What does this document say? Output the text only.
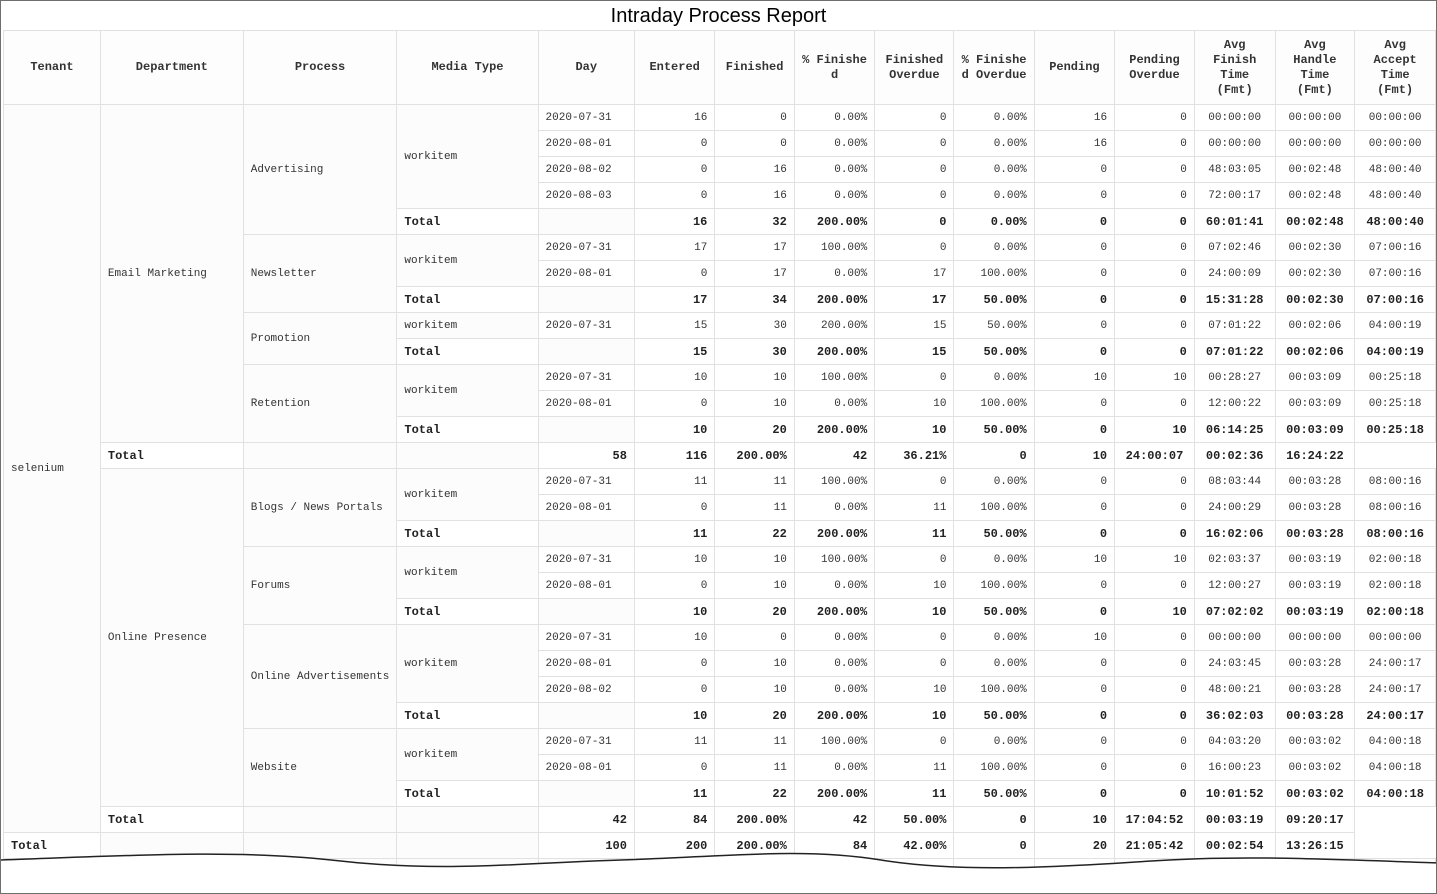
Intraday Process Report
Tenant	Department	Process	Media Type	Day	Entered	Finished	% Finished	Finished Overdue	% Finished Overdue	Pending	Pending Overdue	Avg Finish Time (Fmt)	Avg Handle Time (Fmt)	Avg Accept Time (Fmt)
selenium	Email Marketing	Advertising	workitem	2020-07-31	16	0	0.00%	0	0.00%	16	0	00:00:00	00:00:00	00:00:00
				2020-08-01	0	0	0.00%	0	0.00%	16	0	00:00:00	00:00:00	00:00:00
				2020-08-02	0	16	0.00%	0	0.00%	0	0	48:03:05	00:02:48	48:00:40
				2020-08-03	0	16	0.00%	0	0.00%	0	0	72:00:17	00:02:48	48:00:40
			Total		16	32	200.00%	0	0.00%	0	0	60:01:41	00:02:48	48:00:40
		Newsletter	workitem	2020-07-31	17	17	100.00%	0	0.00%	0	0	07:02:46	00:02:30	07:00:16
				2020-08-01	0	17	0.00%	17	100.00%	0	0	24:00:09	00:02:30	07:00:16
			Total		17	34	200.00%	17	50.00%	0	0	15:31:28	00:02:30	07:00:16
		Promotion	workitem	2020-07-31	15	30	200.00%	15	50.00%	0	0	07:01:22	00:02:06	04:00:19
			Total		15	30	200.00%	15	50.00%	0	0	07:01:22	00:02:06	04:00:19
		Retention	workitem	2020-07-31	10	10	100.00%	0	0.00%	10	10	00:28:27	00:03:09	00:25:18
				2020-08-01	0	10	0.00%	10	100.00%	0	0	12:00:22	00:03:09	00:25:18
			Total		10	20	200.00%	10	50.00%	0	10	06:14:25	00:03:09	00:25:18
	Total			58	116	200.00%	42	36.21%	0	10	24:00:07	00:02:36	16:24:22	
	Online Presence	Blogs / News Portals	workitem	2020-07-31	11	11	100.00%	0	0.00%	0	0	08:03:44	00:03:28	08:00:16
				2020-08-01	0	11	0.00%	11	100.00%	0	0	24:00:29	00:03:28	08:00:16
			Total		11	22	200.00%	11	50.00%	0	0	16:02:06	00:03:28	08:00:16
		Forums	workitem	2020-07-31	10	10	100.00%	0	0.00%	10	10	02:03:37	00:03:19	02:00:18
				2020-08-01	0	10	0.00%	10	100.00%	0	0	12:00:27	00:03:19	02:00:18
			Total		10	20	200.00%	10	50.00%	0	10	07:02:02	00:03:19	02:00:18
		Online Advertisements	workitem	2020-07-31	10	0	0.00%	0	0.00%	10	0	00:00:00	00:00:00	00:00:00
				2020-08-01	0	10	0.00%	0	0.00%	0	0	24:03:45	00:03:28	24:00:17
				2020-08-02	0	10	0.00%	10	100.00%	0	0	48:00:21	00:03:28	24:00:17
			Total		10	20	200.00%	10	50.00%	0	0	36:02:03	00:03:28	24:00:17
		Website	workitem	2020-07-31	11	11	100.00%	0	0.00%	0	0	04:03:20	00:03:02	04:00:18
				2020-08-01	0	11	0.00%	11	100.00%	0	0	16:00:23	00:03:02	04:00:18
			Total		11	22	200.00%	11	50.00%	0	0	10:01:52	00:03:02	04:00:18
	Total			42	84	200.00%	42	50.00%	0	10	17:04:52	00:03:19	09:20:17	
Total				100	200	200.00%	84	42.00%	0	20	21:05:42	00:02:54	13:26:15	
